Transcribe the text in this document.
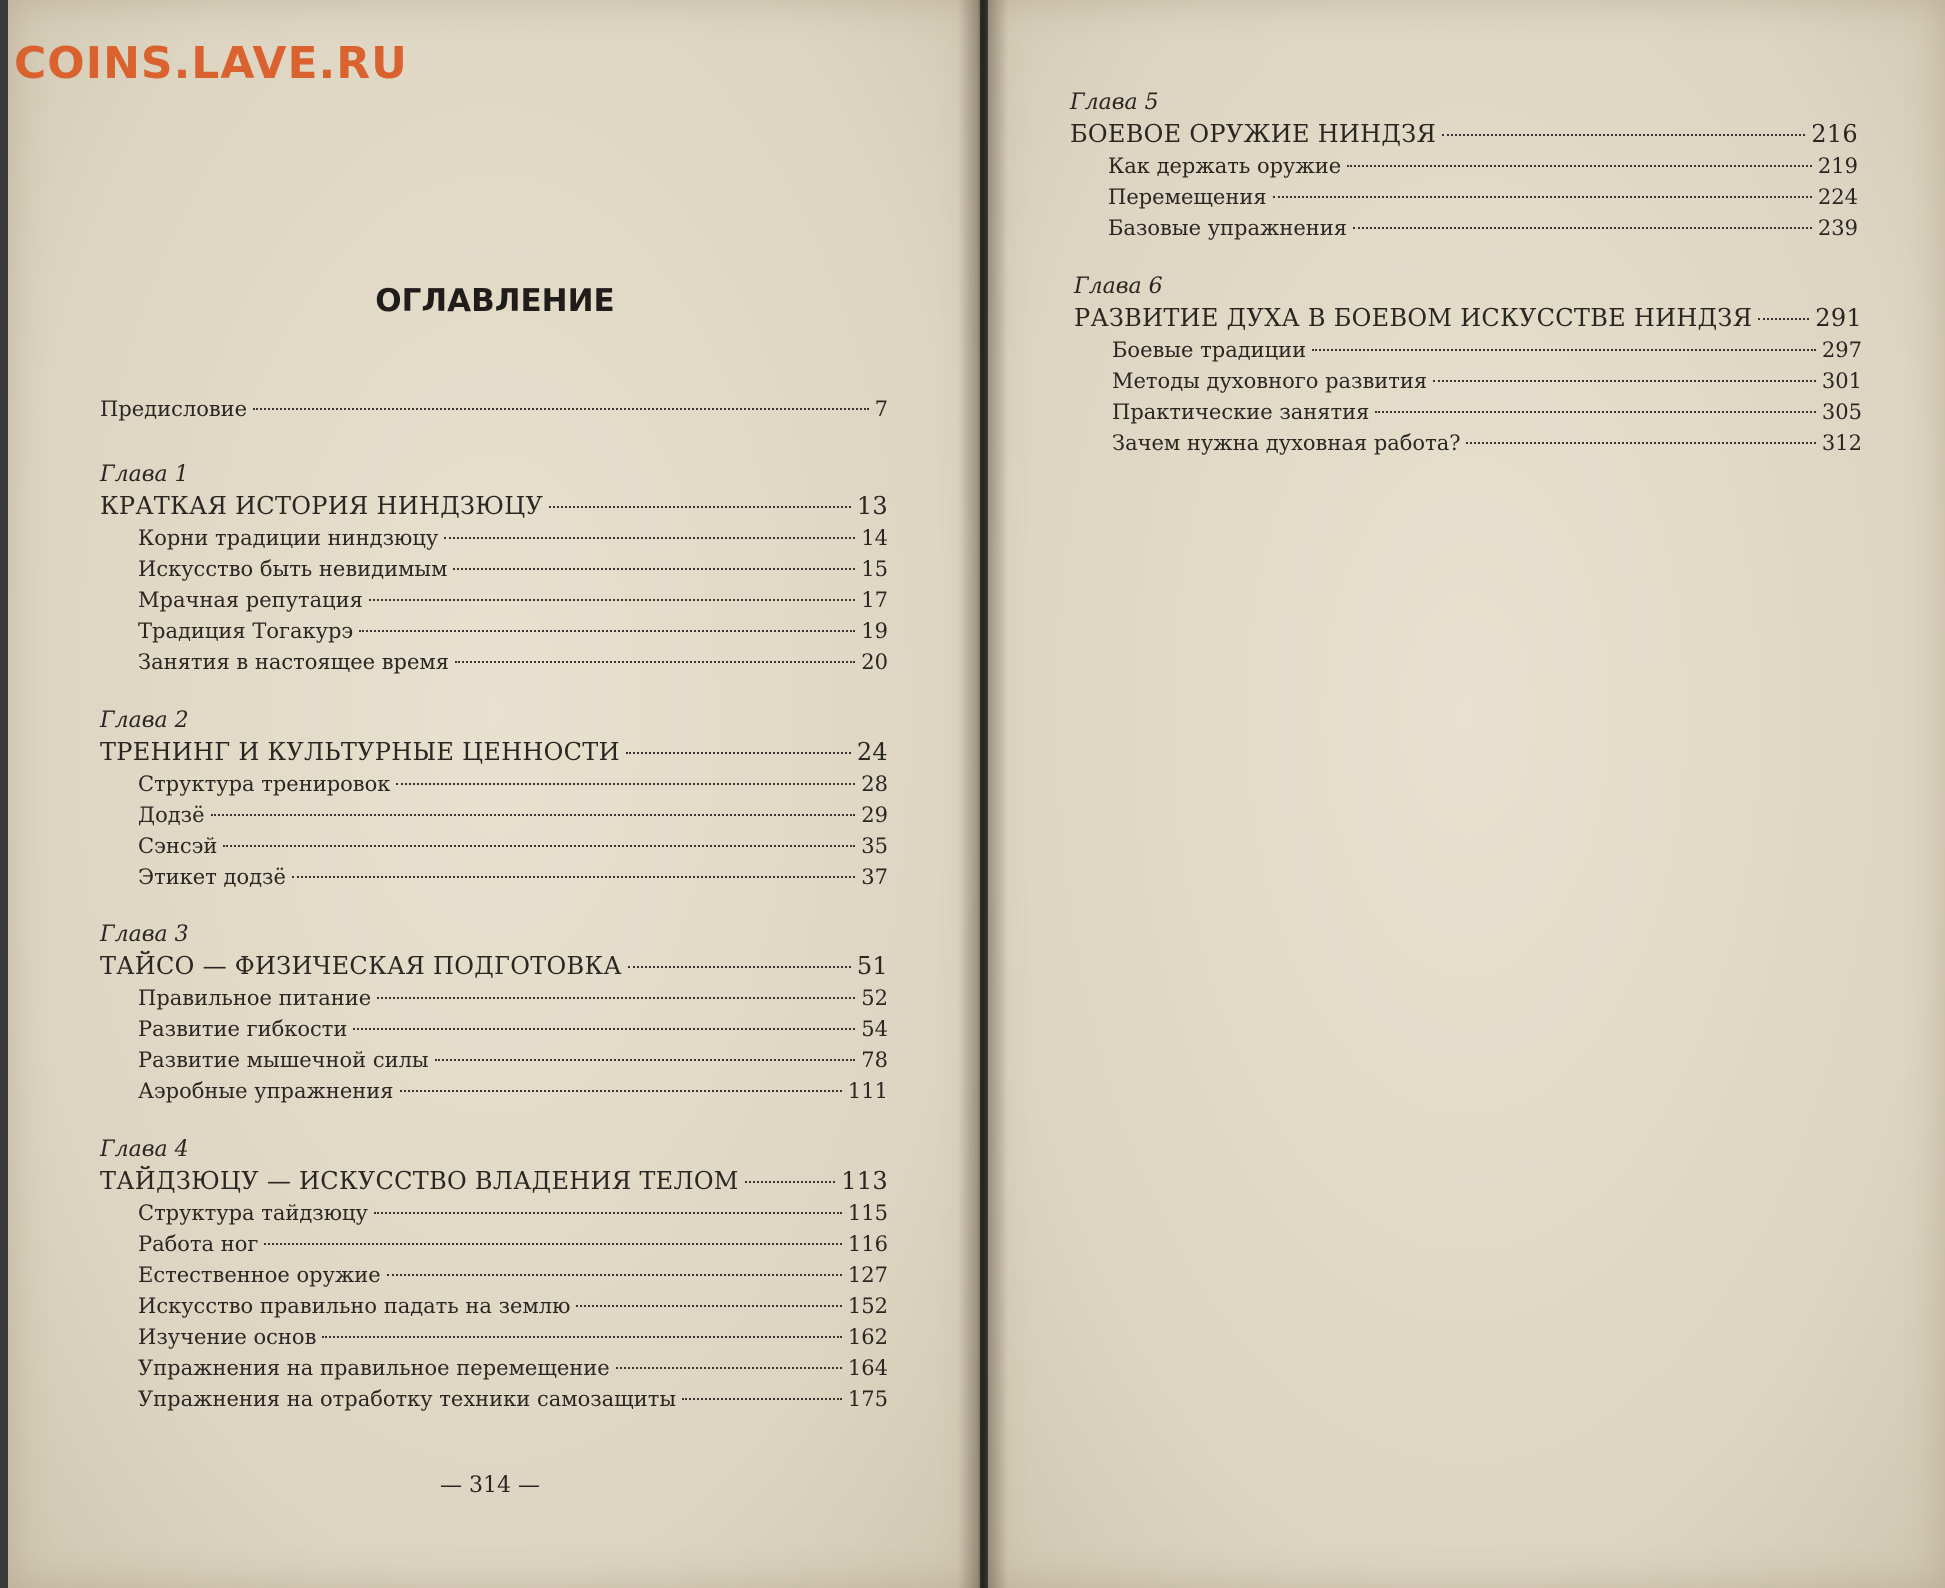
COINS.LAVE.RU
ОГЛАВЛЕНИЕ
Предисловие	7
Глава 1
КРАТКАЯ ИСТОРИЯ НИНДЗЮЦУ	13
Корни традиции ниндзюцу	14
Искусство быть невидимым	15
Мрачная репутация	17
Традиция Тогакурэ	19
Занятия в настоящее время	20
Глава 2
ТРЕНИНГ И КУЛЬТУРНЫЕ ЦЕННОСТИ	24
Структура тренировок	28
Додзё	29
Сэнсэй	35
Этикет додзё	37
Глава 3
ТАЙСО — ФИЗИЧЕСКАЯ ПОДГОТОВКА	51
Правильное питание	52
Развитие гибкости	54
Развитие мышечной силы	78
Аэробные упражнения	111
Глава 4
ТАЙДЗЮЦУ — ИСКУССТВО ВЛАДЕНИЯ ТЕЛОМ	113
Структура тайдзюцу	115
Работа ног	116
Естественное оружие	127
Искусство правильно падать на землю	152
Изучение основ	162
Упражнения на правильное перемещение	164
Упражнения на отработку техники самозащиты	175
— 314 —
Глава 5
БОЕВОЕ ОРУЖИЕ НИНДЗЯ	216
Как держать оружие	219
Перемещения	224
Базовые упражнения	239
Глава 6
РАЗВИТИЕ ДУХА В БОЕВОМ ИСКУССТВЕ НИНДЗЯ	291
Боевые традиции	297
Методы духовного развития	301
Практические занятия	305
Зачем нужна духовная работа?	312
